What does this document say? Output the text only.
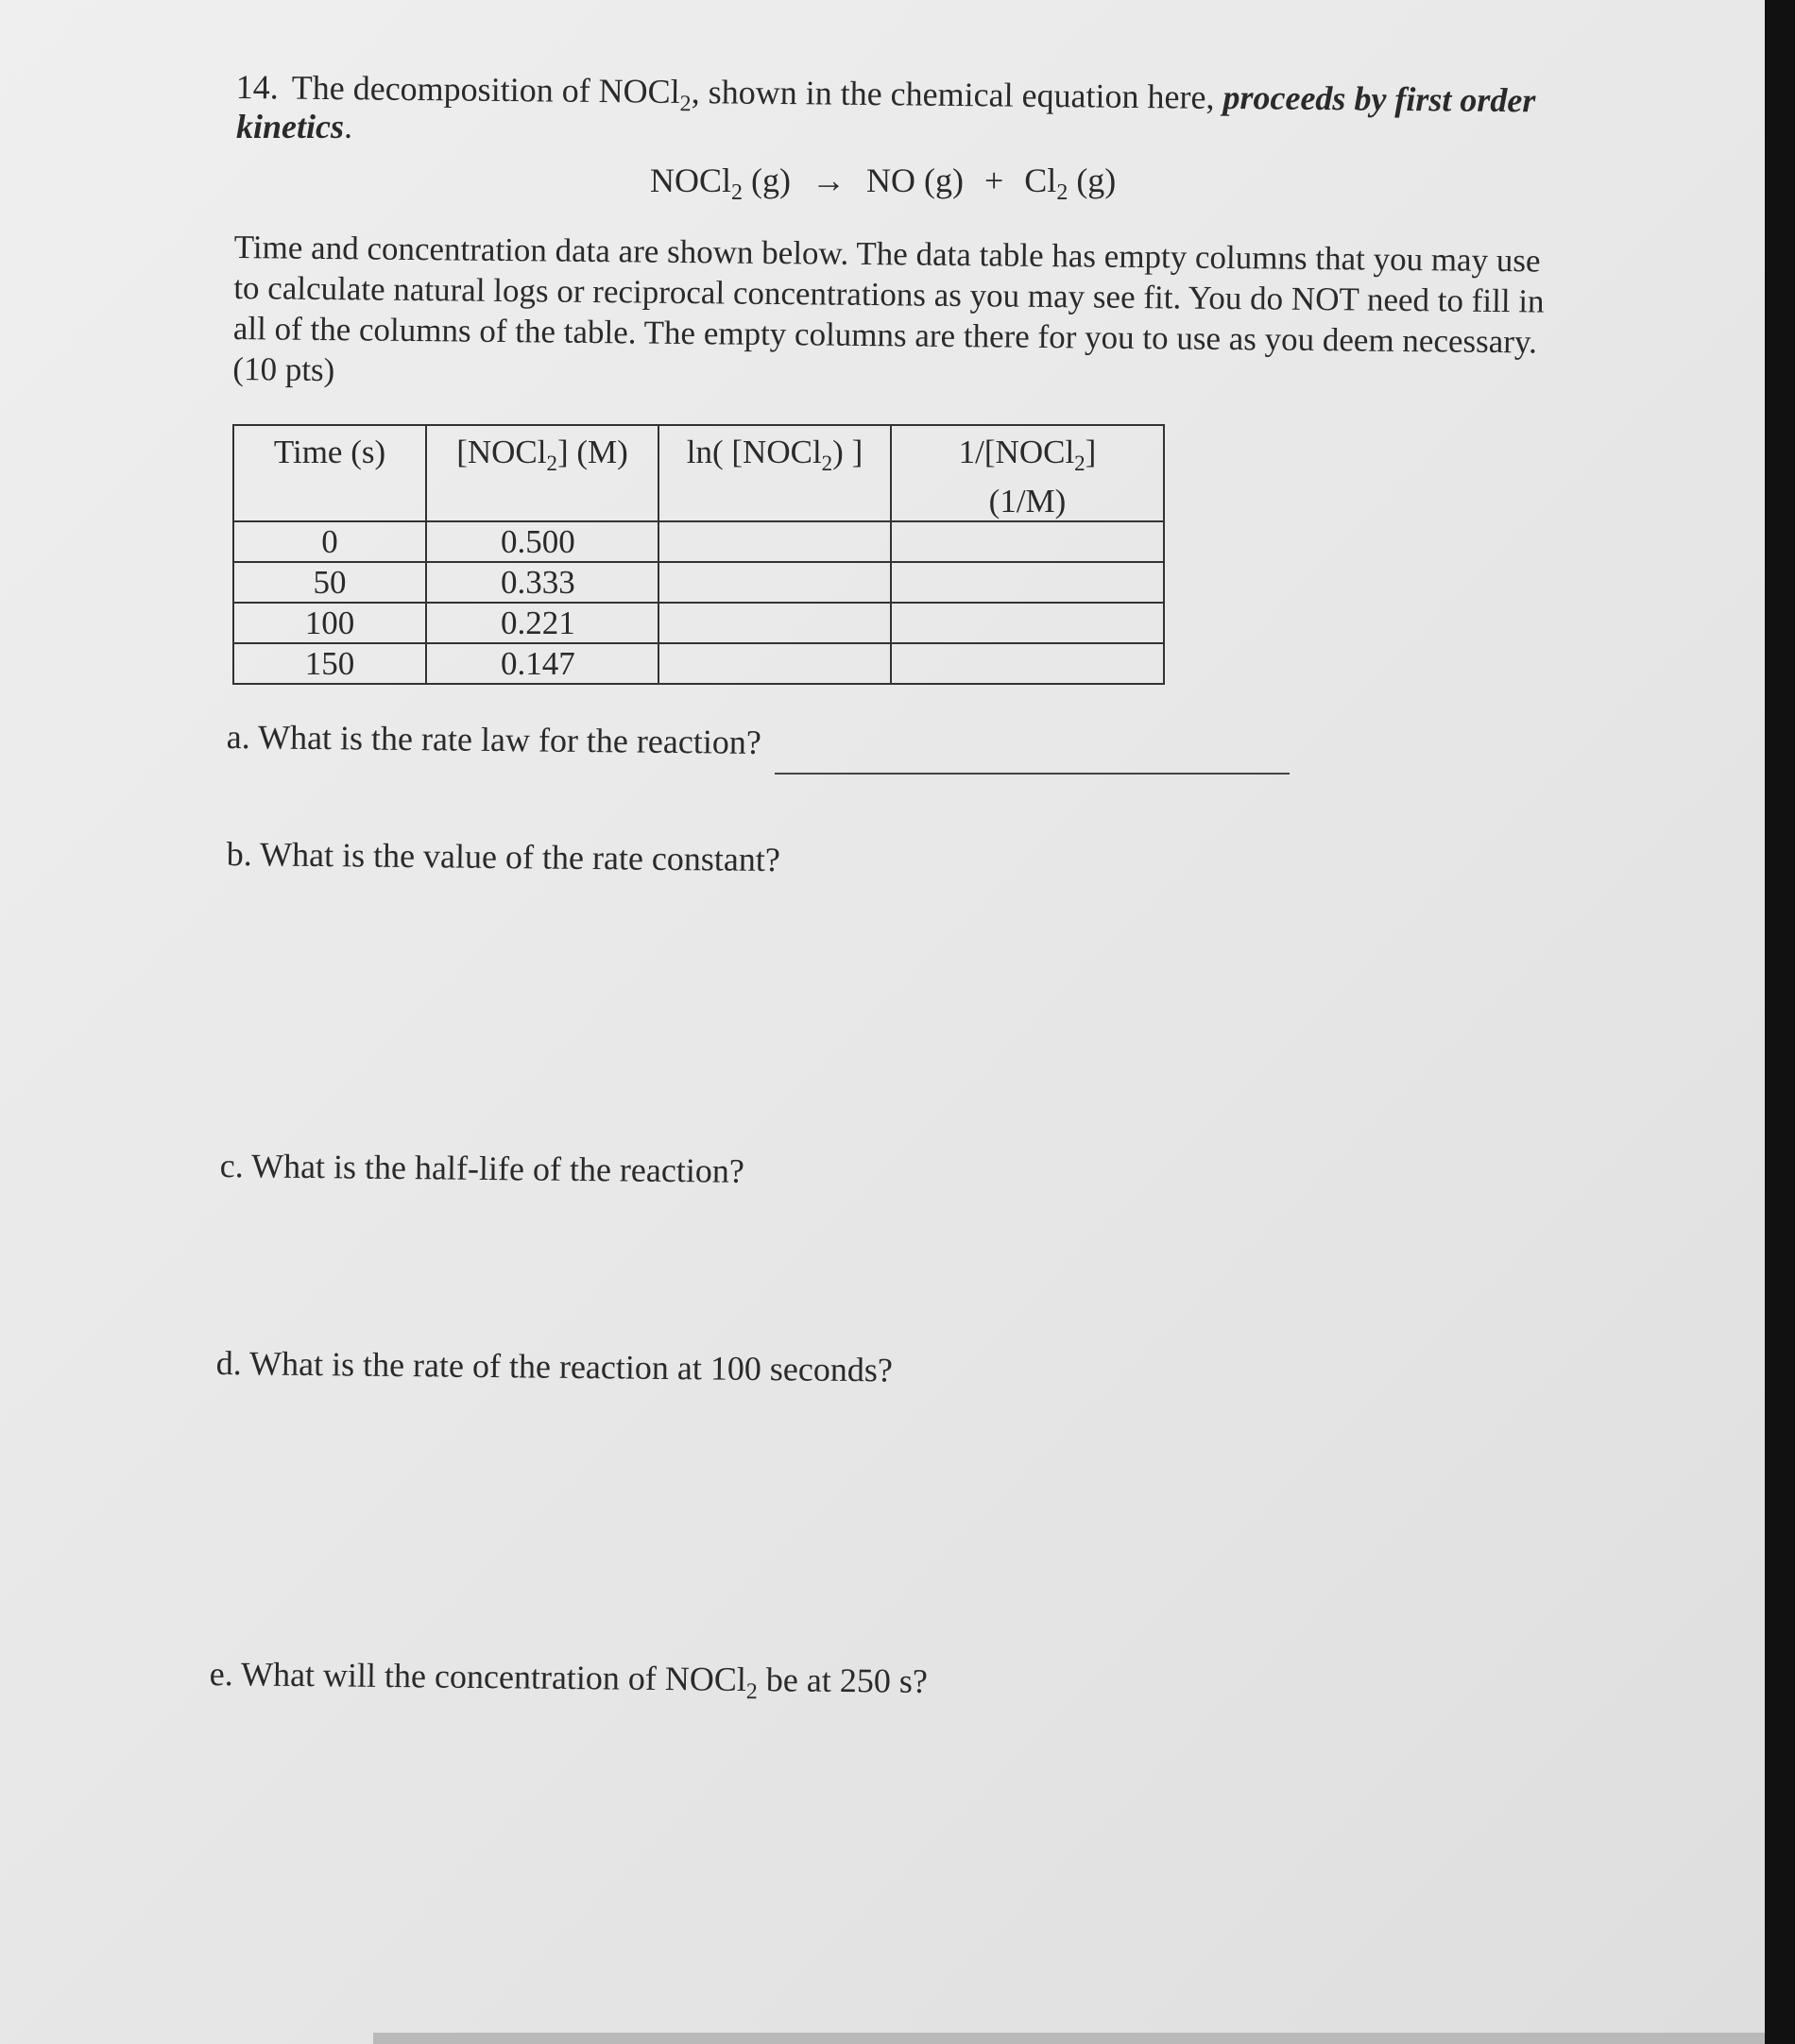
14. The decomposition of NOCl$_2$, shown in the chemical equation here, proceeds by first order
kinetics.
NOCl$_2$ (g) → NO $(g) + Cl_2$ (g)
Time and concentration data are shown below. The data table has empty columns that you may use
to calculate natural logs or reciprocal concentrations as you may see fit. You do NOT need to fill in
all of the columns of the table. The empty columns are there for you to use as you deem necessary.
(10 pts)
Time (s)	[NOCl$_2$] (M)	ln( [NOCl$_2$) ]	1/[NOCl$_2$]
(1/M)
0	0.500		
50	0.333		
100	0.221		
150	0.147		
a. What is the rate law for the reaction?
b. What is the value of the rate constant?
c. What is the half-life of the reaction?
d. What is the rate of the reaction at 100 seconds?
e. What will the concentration of NOCl$_2$ be at 250 s?
